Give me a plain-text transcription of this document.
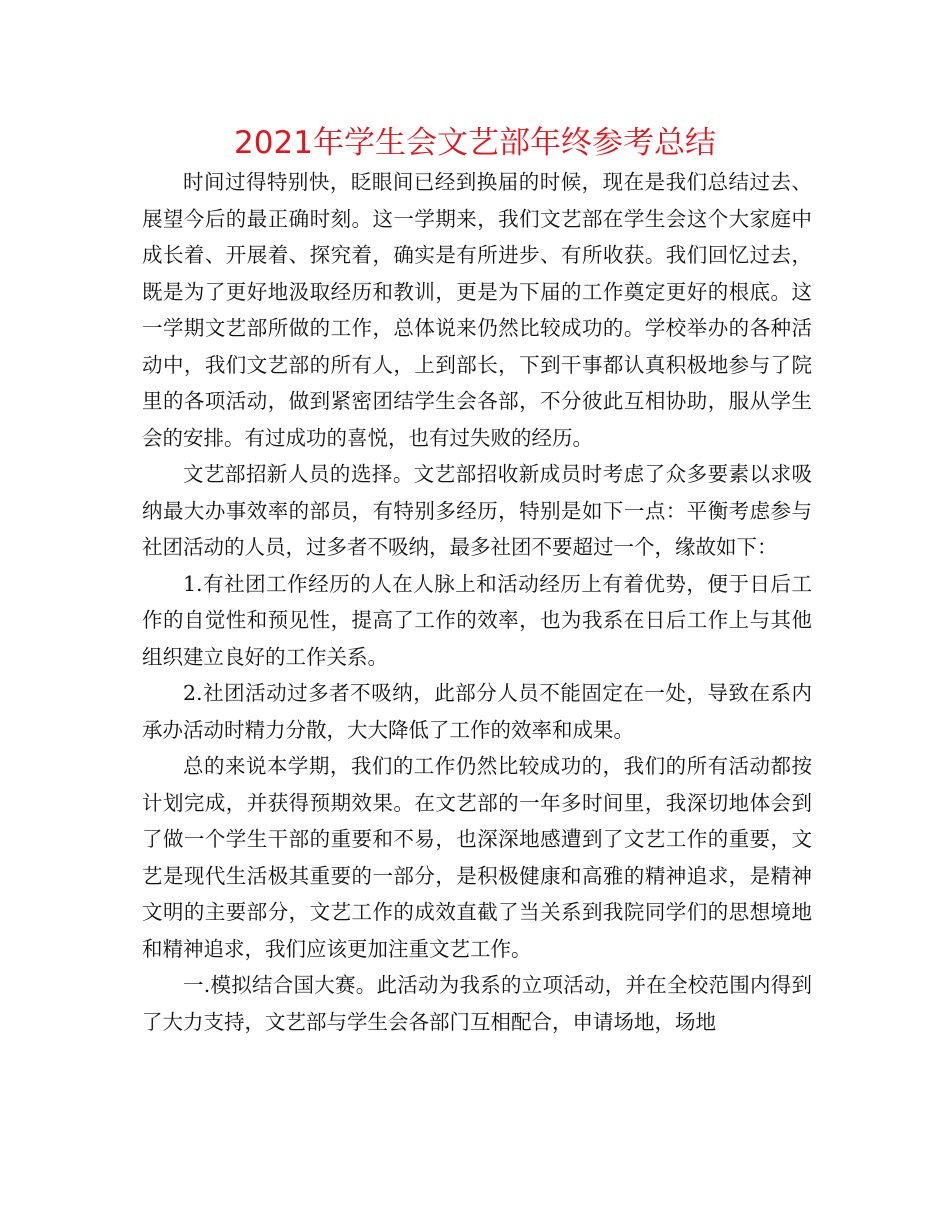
2021年学生会文艺部年终参考总结

时间过得特别快，眨眼间已经到换届的时候，现在是我们总结过去、展望今后的最正确时刻。这一学期来，我们文艺部在学生会这个大家庭中成长着、开展着、探究着，确实是有所进步、有所收获。我们回忆过去，既是为了更好地汲取经历和教训，更是为下届的工作奠定更好的根底。这一学期文艺部所做的工作，总体说来仍然比较成功的。学校举办的各种活动中，我们文艺部的所有人，上到部长，下到干事都认真积极地参与了院里的各项活动，做到紧密团结学生会各部，不分彼此互相协助，服从学生会的安排。有过成功的喜悦，也有过失败的经历。

文艺部招新人员的选择。文艺部招收新成员时考虑了众多要素以求吸纳最大办事效率的部员，有特别多经历，特别是如下一点：平衡考虑参与社团活动的人员，过多者不吸纳，最多社团不要超过一个，缘故如下：

1.有社团工作经历的人在人脉上和活动经历上有着优势，便于日后工作的自觉性和预见性，提高了工作的效率，也为我系在日后工作上与其他组织建立良好的工作关系。

2.社团活动过多者不吸纳，此部分人员不能固定在一处，导致在系内承办活动时精力分散，大大降低了工作的效率和成果。

总的来说本学期，我们的工作仍然比较成功的，我们的所有活动都按计划完成，并获得预期效果。在文艺部的一年多时间里，我深切地体会到了做一个学生干部的重要和不易，也深深地感遭到了文艺工作的重要，文艺是现代生活极其重要的一部分，是积极健康和高雅的精神追求，是精神文明的主要部分，文艺工作的成效直截了当关系到我院同学们的思想境地和精神追求，我们应该更加注重文艺工作。

一.模拟结合国大赛。此活动为我系的立项活动，并在全校范围内得到了大力支持，文艺部与学生会各部门互相配合，申请场地，场地
